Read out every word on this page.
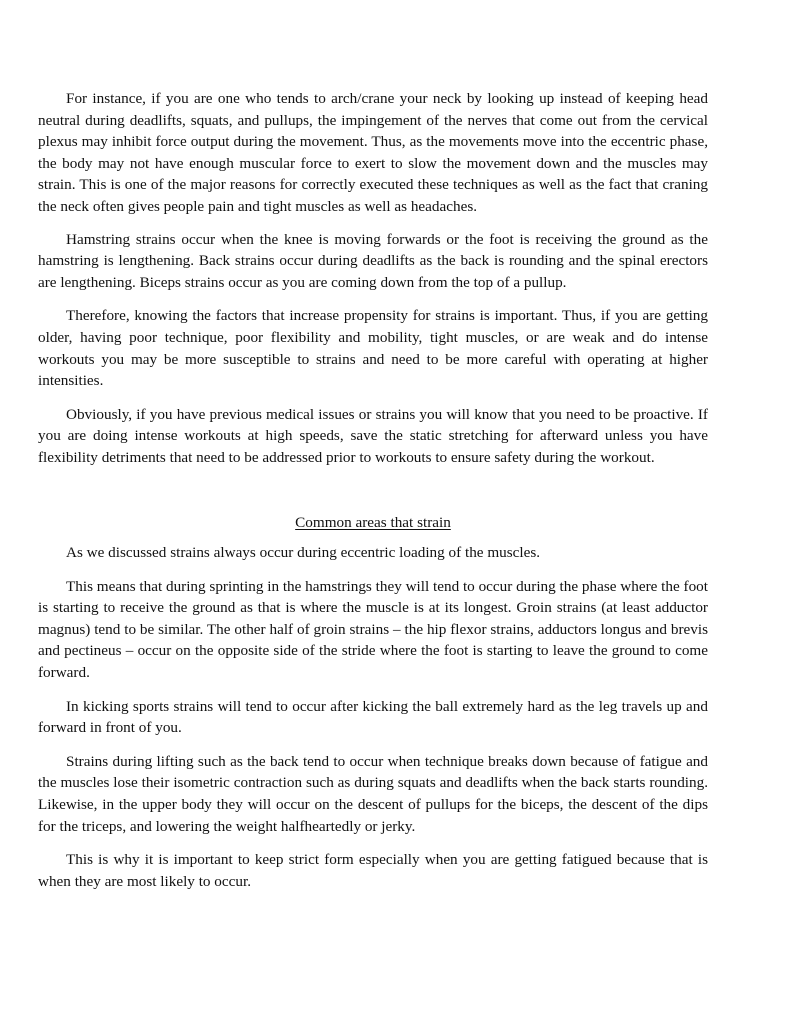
For instance, if you are one who tends to arch/crane your neck by looking up instead of keeping head neutral during deadlifts, squats, and pullups, the impingement of the nerves that come out from the cervical plexus may inhibit force output during the movement. Thus, as the movements move into the eccentric phase, the body may not have enough muscular force to exert to slow the movement down and the muscles may strain. This is one of the major reasons for correctly executed these techniques as well as the fact that craning the neck often gives people pain and tight muscles as well as headaches.

Hamstring strains occur when the knee is moving forwards or the foot is receiving the ground as the hamstring is lengthening. Back strains occur during deadlifts as the back is rounding and the spinal erectors are lengthening. Biceps strains occur as you are coming down from the top of a pullup.

Therefore, knowing the factors that increase propensity for strains is important. Thus, if you are getting older, having poor technique, poor flexibility and mobility, tight muscles, or are weak and do intense workouts you may be more susceptible to strains and need to be more careful with operating at higher intensities.

Obviously, if you have previous medical issues or strains you will know that you need to be proactive. If you are doing intense workouts at high speeds, save the static stretching for afterward unless you have flexibility detriments that need to be addressed prior to workouts to ensure safety during the workout.

Common areas that strain

As we discussed strains always occur during eccentric loading of the muscles.

This means that during sprinting in the hamstrings they will tend to occur during the phase where the foot is starting to receive the ground as that is where the muscle is at its longest. Groin strains (at least adductor magnus) tend to be similar. The other half of groin strains – the hip flexor strains, adductors longus and brevis and pectineus – occur on the opposite side of the stride where the foot is starting to leave the ground to come forward.

In kicking sports strains will tend to occur after kicking the ball extremely hard as the leg travels up and forward in front of you.

Strains during lifting such as the back tend to occur when technique breaks down because of fatigue and the muscles lose their isometric contraction such as during squats and deadlifts when the back starts rounding. Likewise, in the upper body they will occur on the descent of pullups for the biceps, the descent of the dips for the triceps, and lowering the weight halfheartedly or jerky.

This is why it is important to keep strict form especially when you are getting fatigued because that is when they are most likely to occur.
